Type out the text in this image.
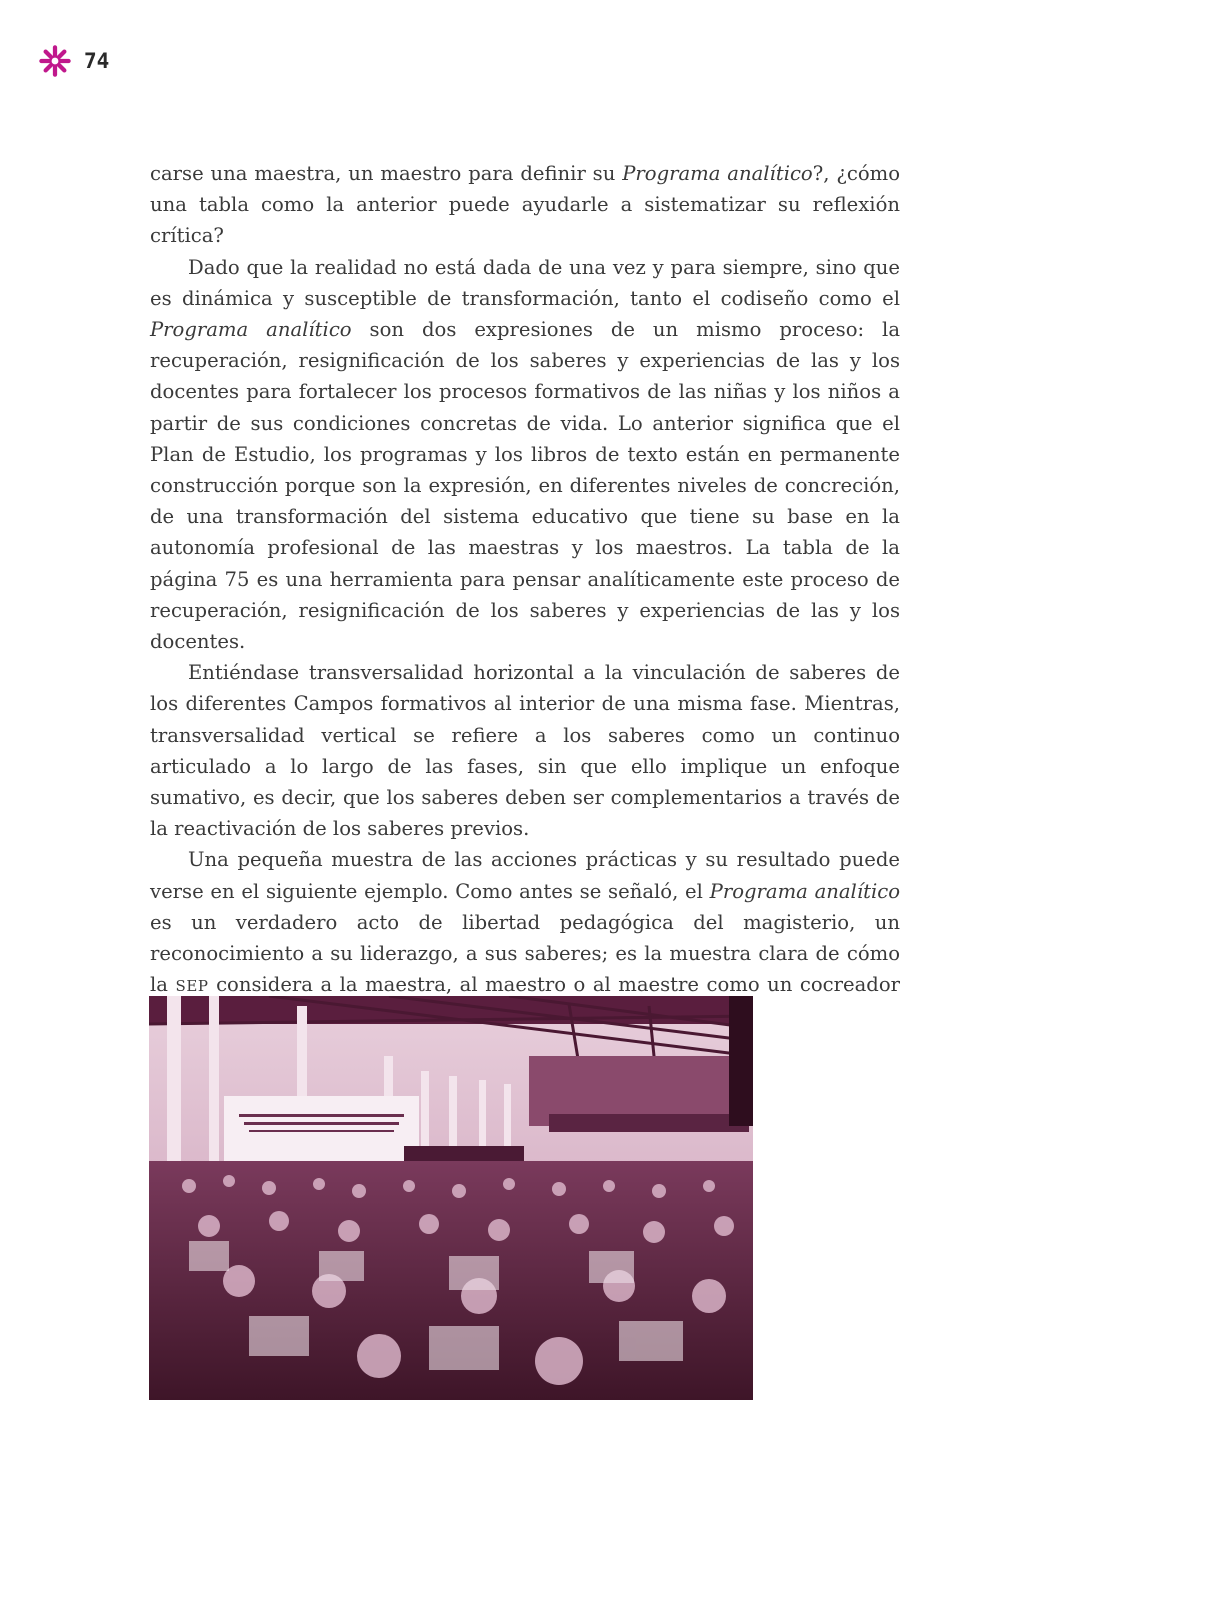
74

carse una maestra, un maestro para definir su Programa analítico?, ¿cómo una tabla como la anterior puede ayudarle a sistematizar su reflexión crítica?

Dado que la realidad no está dada de una vez y para siempre, sino que es dinámica y susceptible de transformación, tanto el codiseño como el Programa analítico son dos expresiones de un mismo proceso: la recuperación, resignificación de los saberes y experiencias de las y los docentes para fortalecer los procesos formativos de las niñas y los niños a partir de sus condiciones concretas de vida. Lo anterior significa que el Plan de Estudio, los programas y los libros de texto están en permanente construcción porque son la expresión, en diferentes niveles de concreción, de una transformación del sistema educativo que tiene su base en la autonomía profesional de las maestras y los maestros. La tabla de la página 75 es una herramienta para pensar analíticamente este proceso de recuperación, resignificación de los saberes y experiencias de las y los docentes.

Entiéndase transversalidad horizontal a la vinculación de saberes de los diferentes Campos formativos al interior de una misma fase. Mientras, transversalidad vertical se refiere a los saberes como un continuo articulado a lo largo de las fases, sin que ello implique un enfoque sumativo, es decir, que los saberes deben ser complementarios a través de la reactivación de los saberes previos.

Una pequeña muestra de las acciones prácticas y su resultado puede verse en el siguiente ejemplo. Como antes se señaló, el Programa analítico es un verdadero acto de libertad pedagógica del magisterio, un reconocimiento a su liderazgo, a sus saberes; es la muestra clara de cómo la SEP considera a la maestra, al maestro o al maestre como un cocreador
